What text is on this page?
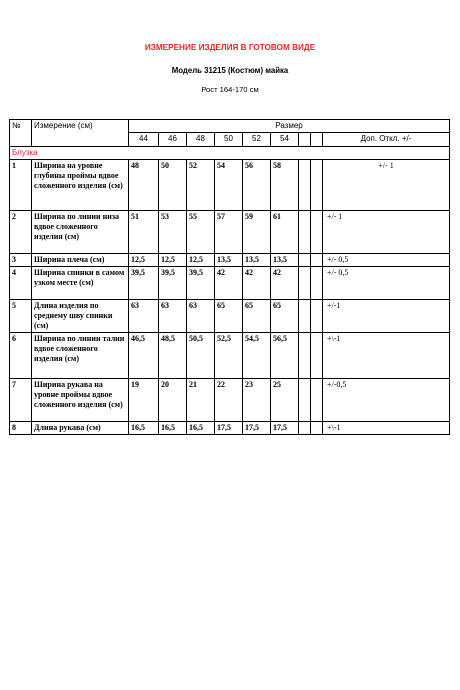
ИЗМЕРЕНИЕ ИЗДЕЛИЯ В ГОТОВОМ ВИДЕ
Модель 31215 (Костюм) майка
Рост 164-170 см
№	Измерение (см)	Размер								
		44	46	48	50	52	54			Доп. Откл. +/-
Блузка										
1	Ширина на уровне глубины проймы вдвое сложенного изделия (см)	48	50	52	54	56	58			+/- 1
2	Ширина по линии низа вдвое сложенного изделия (см)	51	53	55	57	59	61			+/- 1
3	Ширина плеча (см)	12,5	12,5	12,5	13,5	13,5	13,5			+/- 0,5
4	Ширина спинки в самом узком месте (см)	39,5	39,5	39,5	42	42	42			+/- 0,5
5	Длина изделия по среднему шву спинки (см)	63	63	63	65	65	65			+/-1
6	Ширина по линии талии вдвое сложенного изделия (см)	46,5	48,5	50,5	52,5	54,5	56,5			+\-1
7	Ширина рукава на уровне проймы вдвое сложенного изделия (см)	19	20	21	22	23	25			+/-0,5
8	Длина рукава (см)	16,5	16,5	16,5	17,5	17,5	17,5			+\-1
